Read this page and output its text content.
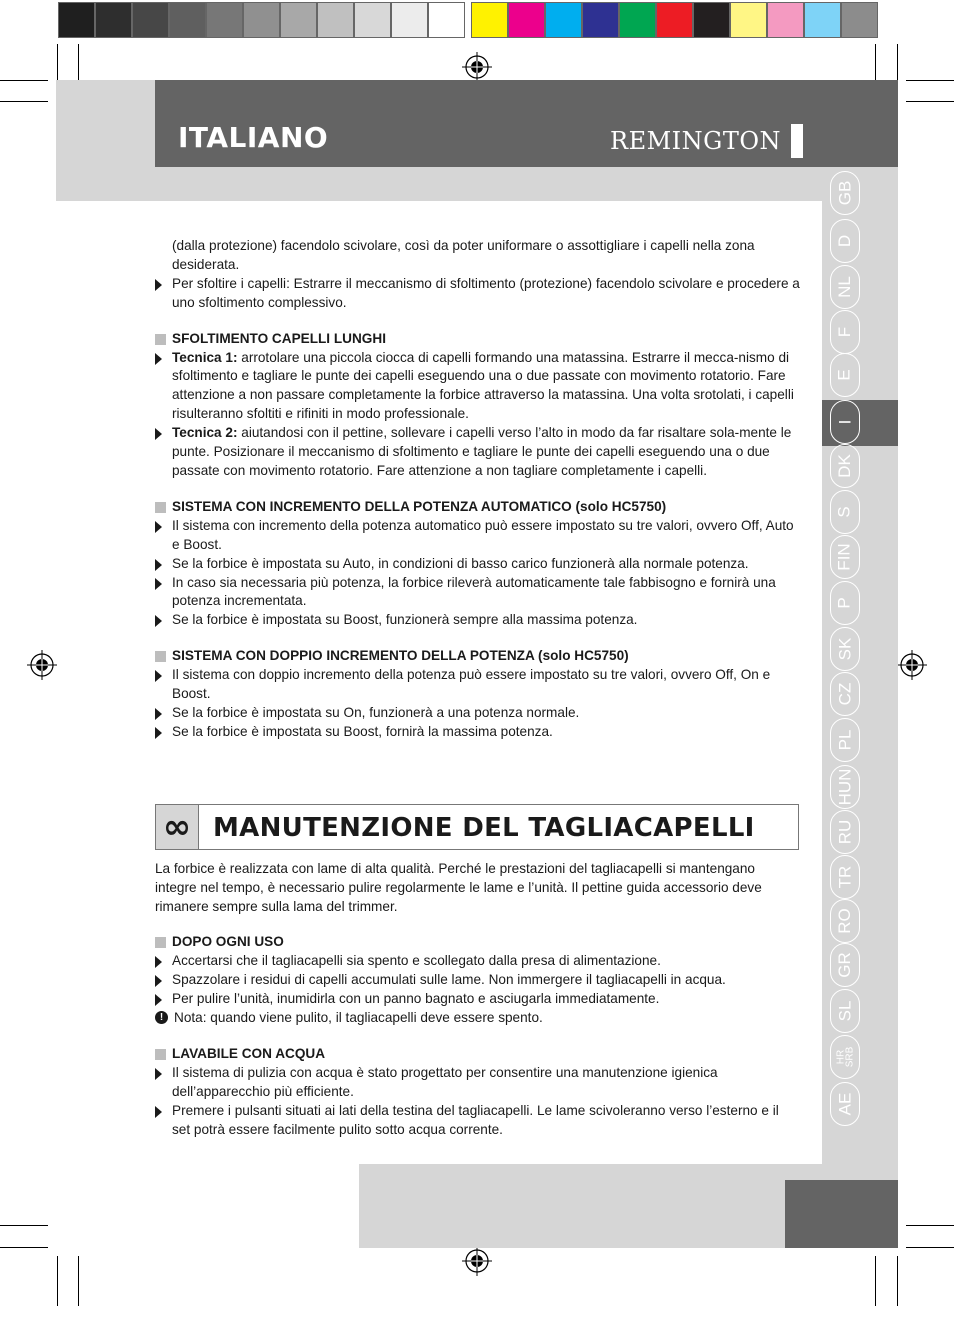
ITALIANO	REMINGTON
GB
D
NL
F
E
I
DK
S
FIN
P
SK
CZ
PL
HUN
RU
TR
RO
GR
SL
HR
SRB
AE

(dalla protezione) facendolo scivolare, così da poter uniformare o assottigliare i capelli nella zona desiderata.

Per sfoltire i capelli: Estrarre il meccanismo di sfoltimento (protezione) facendolo scivolare e procedere a uno sfoltimento complessivo.
SFOLTIMENTO CAPELLI LUNGHI
Tecnica 1: arrotolare una piccola ciocca di capelli formando una matassina. Estrarre il mecca-nismo di sfoltimento e tagliare le punte dei capelli eseguendo una o due passate con movimento rotatorio. Fare attenzione a non passare completamente la forbice attraverso la matassina. Una volta srotolati, i capelli risulteranno sfoltiti e rifiniti in modo professionale.
Tecnica 2: aiutandosi con il pettine, sollevare i capelli verso l’alto in modo da far risaltare sola-mente le punte. Posizionare il meccanismo di sfoltimento e tagliare le punte dei capelli eseguendo una o due passate con movimento rotatorio. Fare attenzione a non tagliare completamente i capelli.
SISTEMA CON INCREMENTO DELLA POTENZA AUTOMATICO (solo HC5750)
Il sistema con incremento della potenza automatico può essere impostato su tre valori, ovvero Off, Auto e Boost.
Se la forbice è impostata su Auto, in condizioni di basso carico funzionerà alla normale potenza.
In caso sia necessaria più potenza, la forbice rileverà automaticamente tale fabbisogno e fornirà una potenza incrementata.
Se la forbice è impostata su Boost, funzionerà sempre alla massima potenza.
SISTEMA CON DOPPIO INCREMENTO DELLA POTENZA (solo HC5750)
Il sistema con doppio incremento della potenza può essere impostato su tre valori, ovvero Off, On e Boost.
Se la forbice è impostata su On, funzionerà a una potenza normale.
Se la forbice è impostata su Boost, fornirà la massima potenza.

La forbice è realizzata con lame di alta qualità. Perché le prestazioni del tagliacapelli si mantengano integre nel tempo, è necessario pulire regolarmente le lame e l’unità. Il pettine guida accessorio deve rimanere sempre sulla lama del trimmer.

DOPO OGNI USO
Accertarsi che il tagliacapelli sia spento e scollegato dalla presa di alimentazione.
Spazzolare i residui di capelli accumulati sulle lame. Non immergere il tagliacapelli in acqua.
Per pulire l’unità, inumidirla con un panno bagnato e asciugarla immediatamente.
! Nota: quando viene pulito, il tagliacapelli deve essere spento.
LAVABILE CON ACQUA
Il sistema di pulizia con acqua è stato progettato per consentire una manutenzione igienica dell’apparecchio più efficiente.
Premere i pulsanti situati ai lati della testina del tagliacapelli. Le lame scivoleranno verso l’esterno e il set potrà essere facilmente pulito sotto acqua corrente.
∞ MANUTENZIONE DEL TAGLIACAPELLI
